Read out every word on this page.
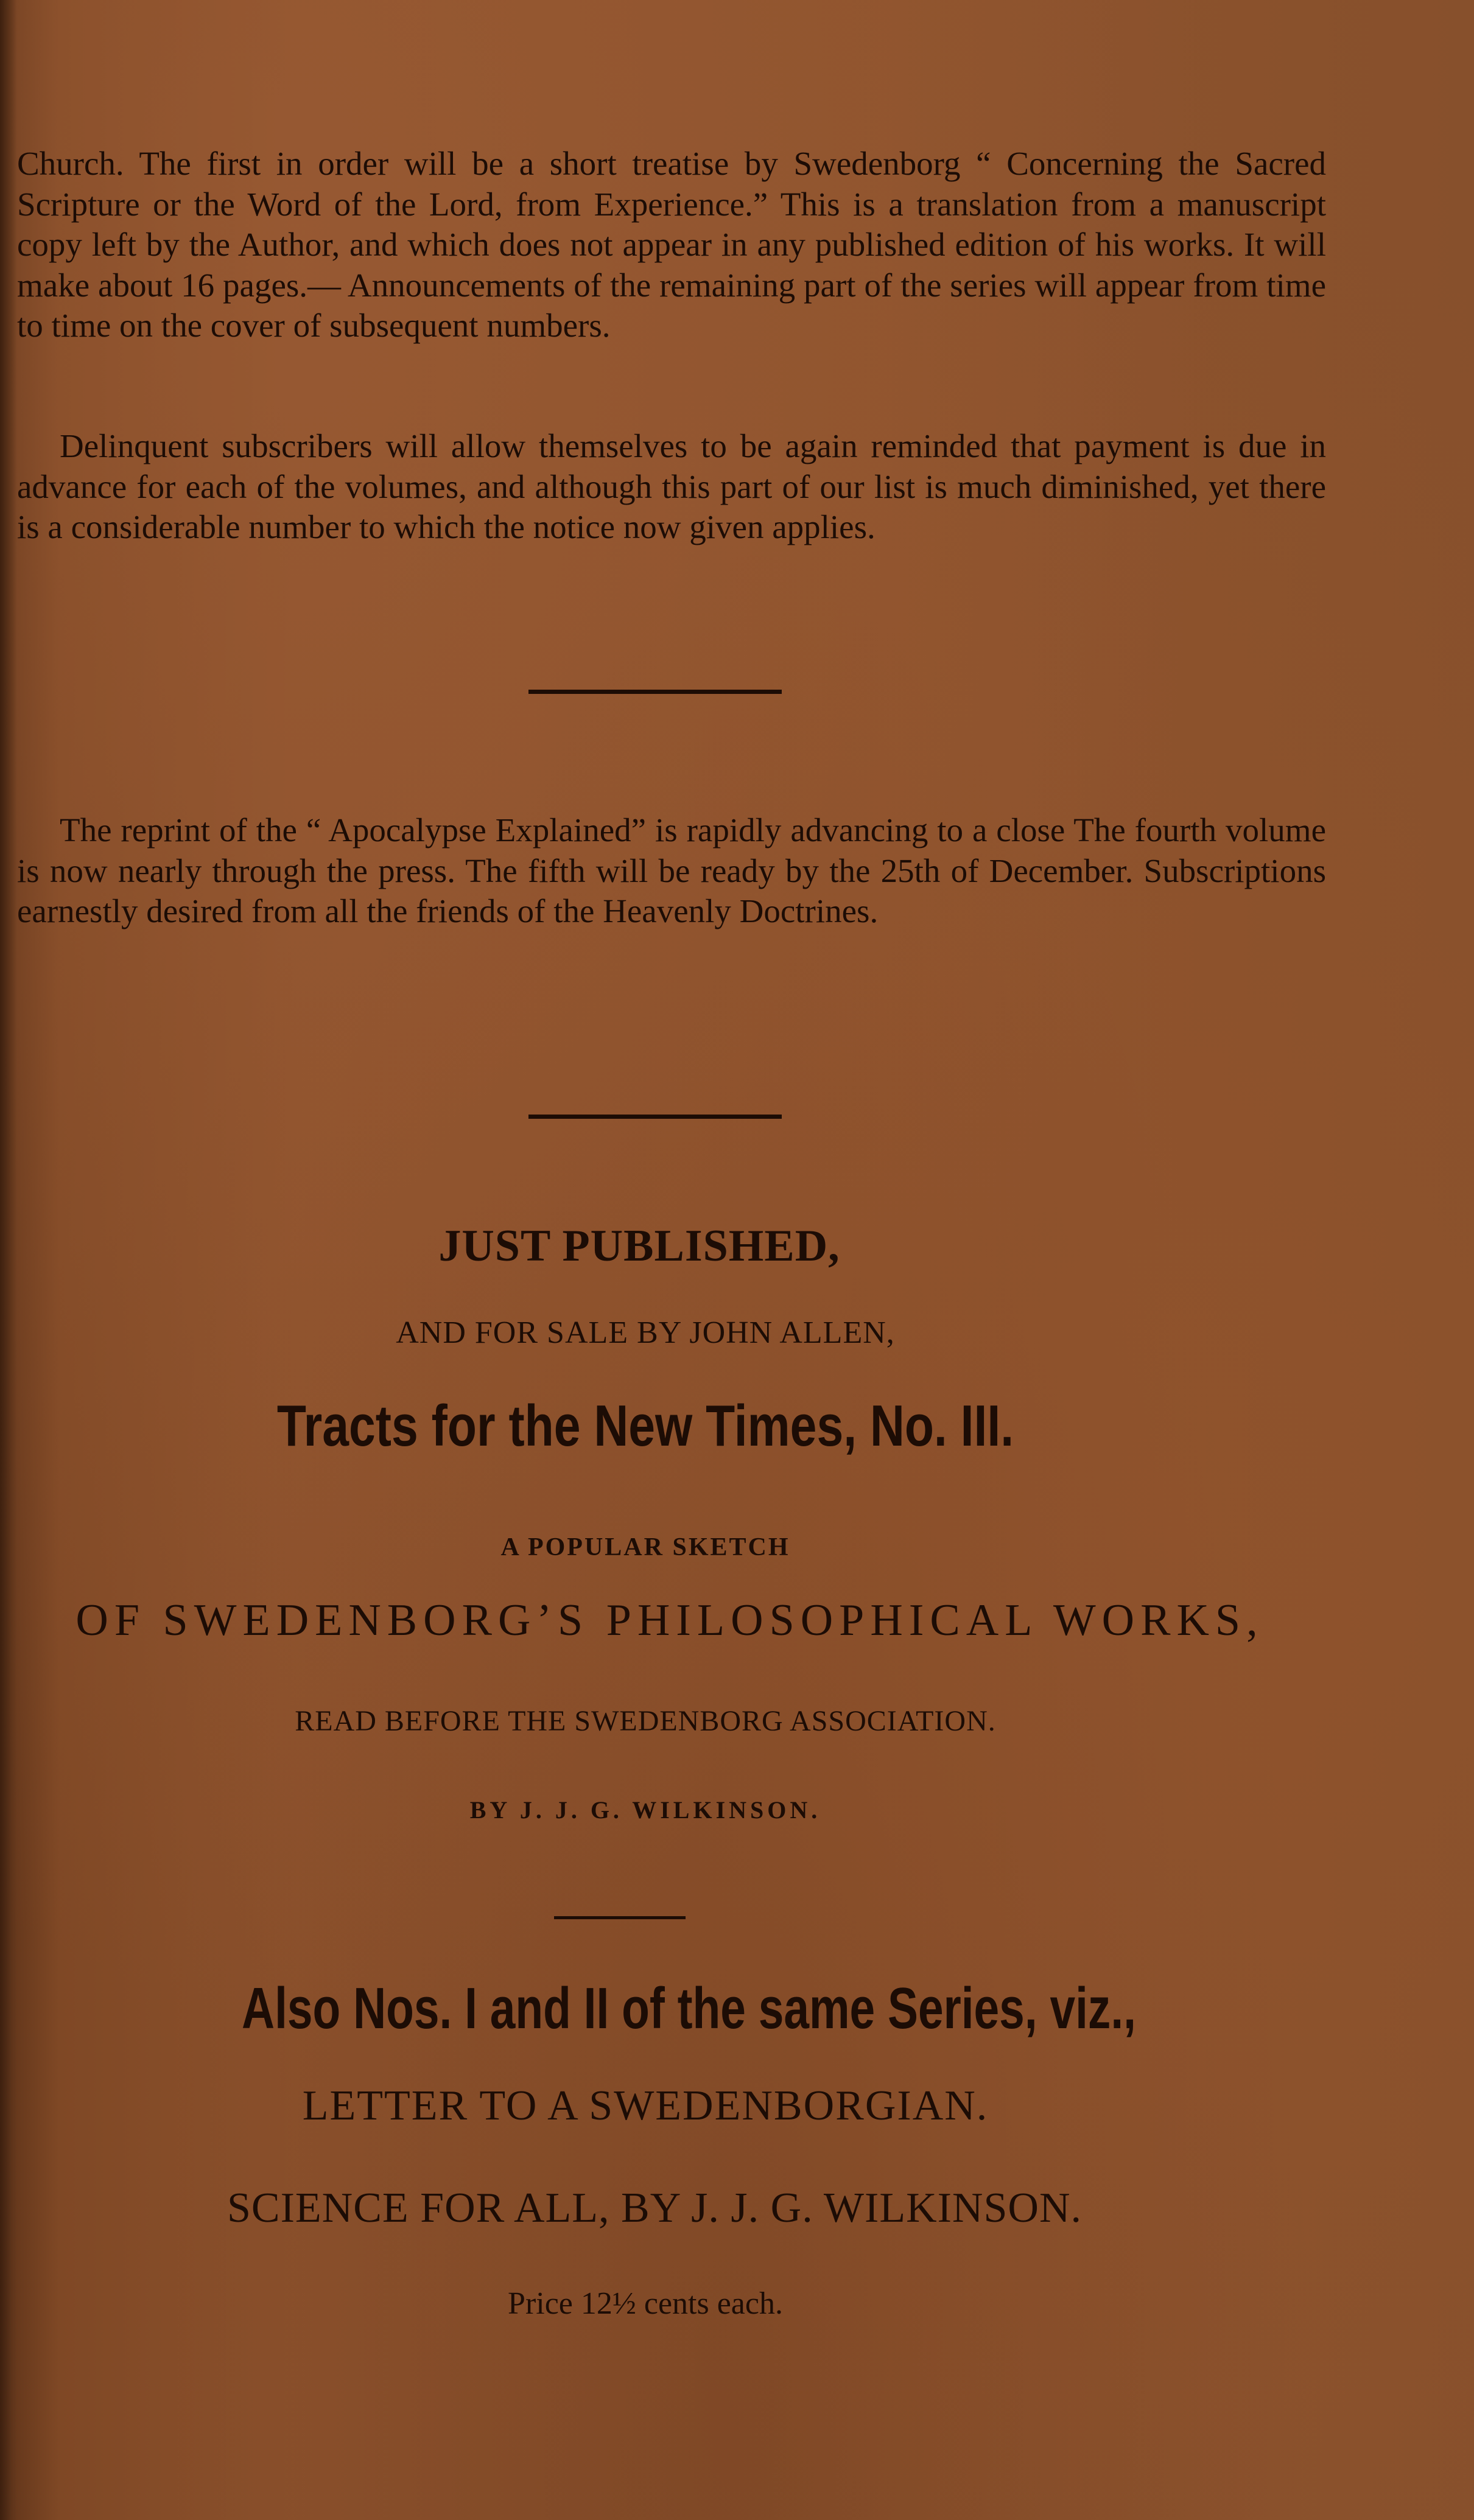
Church. The first in order will be a short treatise by Swedenborg “ Concerning the Sacred Scripture or the Word of the Lord, from Experience.” This is a translation from a manuscript copy left by the Author, and which does not appear in any published edition of his works. It will make about 16 pages.— Announcements of the remaining part of the series will appear from time to time on the cover of subsequent numbers.

Delinquent subscribers will allow themselves to be again reminded that payment is due in advance for each of the volumes, and although this part of our list is much diminished, yet there is a considerable number to which the notice now given applies.

The reprint of the “ Apocalypse Explained” is rapidly advancing to a close The fourth volume is now nearly through the press. The fifth will be ready by the 25th of December. Subscriptions earnestly desired from all the friends of the Heavenly Doctrines.

JUST PUBLISHED,

AND FOR SALE BY JOHN ALLEN,

Tracts for the New Times, No. III.

A POPULAR SKETCH

OF SWEDENBORG’S PHILOSOPHICAL WORKS,

READ BEFORE THE SWEDENBORG ASSOCIATION.

BY J. J. G. WILKINSON.

Also Nos. I and II of the same Series, viz.,

LETTER TO A SWEDENBORGIAN.

SCIENCE FOR ALL, BY J. J. G. WILKINSON.

Price 12½ cents each.
